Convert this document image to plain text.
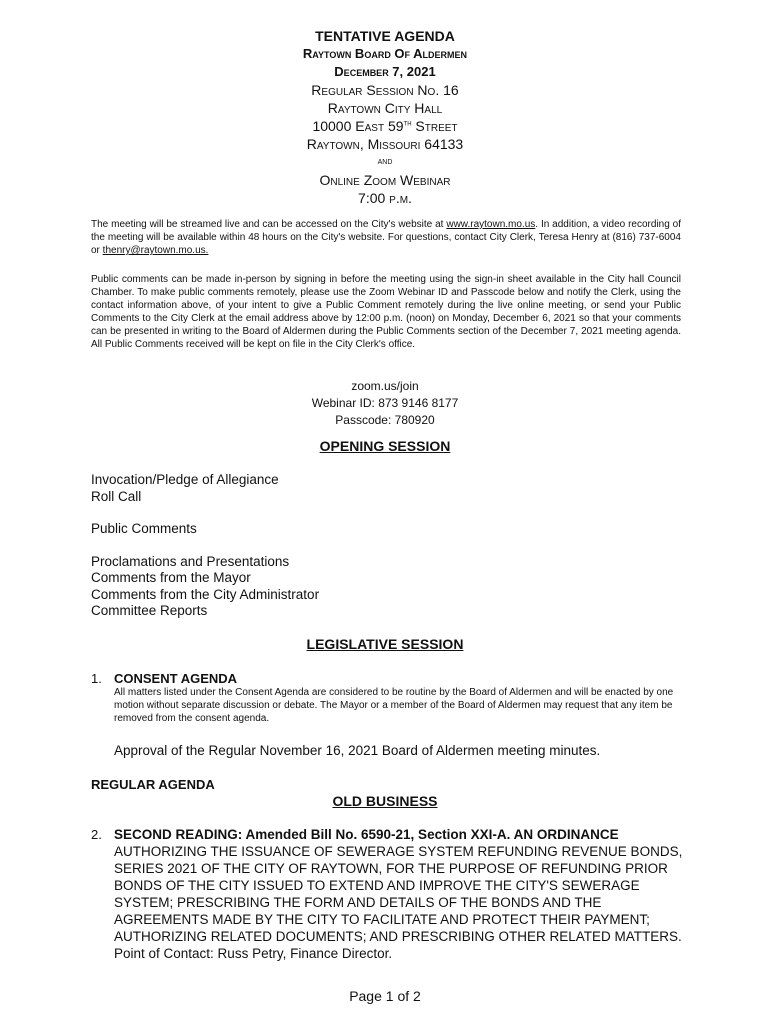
TENTATIVE AGENDA
Raytown Board Of Aldermen
December 7, 2021
Regular Session No. 16
Raytown City Hall
10000 East 59th Street
Raytown, Missouri 64133
and
Online Zoom Webinar
7:00 p.m.
The meeting will be streamed live and can be accessed on the City's website at www.raytown.mo.us. In addition, a video recording of the meeting will be available within 48 hours on the City's website. For questions, contact City Clerk, Teresa Henry at (816) 737-6004 or thenry@raytown.mo.us.
Public comments can be made in-person by signing in before the meeting using the sign-in sheet available in the City hall Council Chamber. To make public comments remotely, please use the Zoom Webinar ID and Passcode below and notify the Clerk, using the contact information above, of your intent to give a Public Comment remotely during the live online meeting, or send your Public Comments to the City Clerk at the email address above by 12:00 p.m. (noon) on Monday, December 6, 2021 so that your comments can be presented in writing to the Board of Aldermen during the Public Comments section of the December 7, 2021 meeting agenda. All Public Comments received will be kept on file in the City Clerk's office.
zoom.us/join
Webinar ID: 873 9146 8177
Passcode: 780920
OPENING SESSION
Invocation/Pledge of Allegiance
Roll Call
Public Comments
Proclamations and Presentations
Comments from the Mayor
Comments from the City Administrator
Committee Reports
LEGISLATIVE SESSION
1. CONSENT AGENDA
All matters listed under the Consent Agenda are considered to be routine by the Board of Aldermen and will be enacted by one motion without separate discussion or debate. The Mayor or a member of the Board of Aldermen may request that any item be removed from the consent agenda.
Approval of the Regular November 16, 2021 Board of Aldermen meeting minutes.
REGULAR AGENDA
OLD BUSINESS
2. SECOND READING: Amended Bill No. 6590-21, Section XXI-A. AN ORDINANCE
AUTHORIZING THE ISSUANCE OF SEWERAGE SYSTEM REFUNDING REVENUE BONDS, SERIES 2021 OF THE CITY OF RAYTOWN, FOR THE PURPOSE OF REFUNDING PRIOR BONDS OF THE CITY ISSUED TO EXTEND AND IMPROVE THE CITY'S SEWERAGE SYSTEM; PRESCRIBING THE FORM AND DETAILS OF THE BONDS AND THE AGREEMENTS MADE BY THE CITY TO FACILITATE AND PROTECT THEIR PAYMENT; AUTHORIZING RELATED DOCUMENTS; AND PRESCRIBING OTHER RELATED MATTERS. Point of Contact: Russ Petry, Finance Director.
Page 1 of 2
